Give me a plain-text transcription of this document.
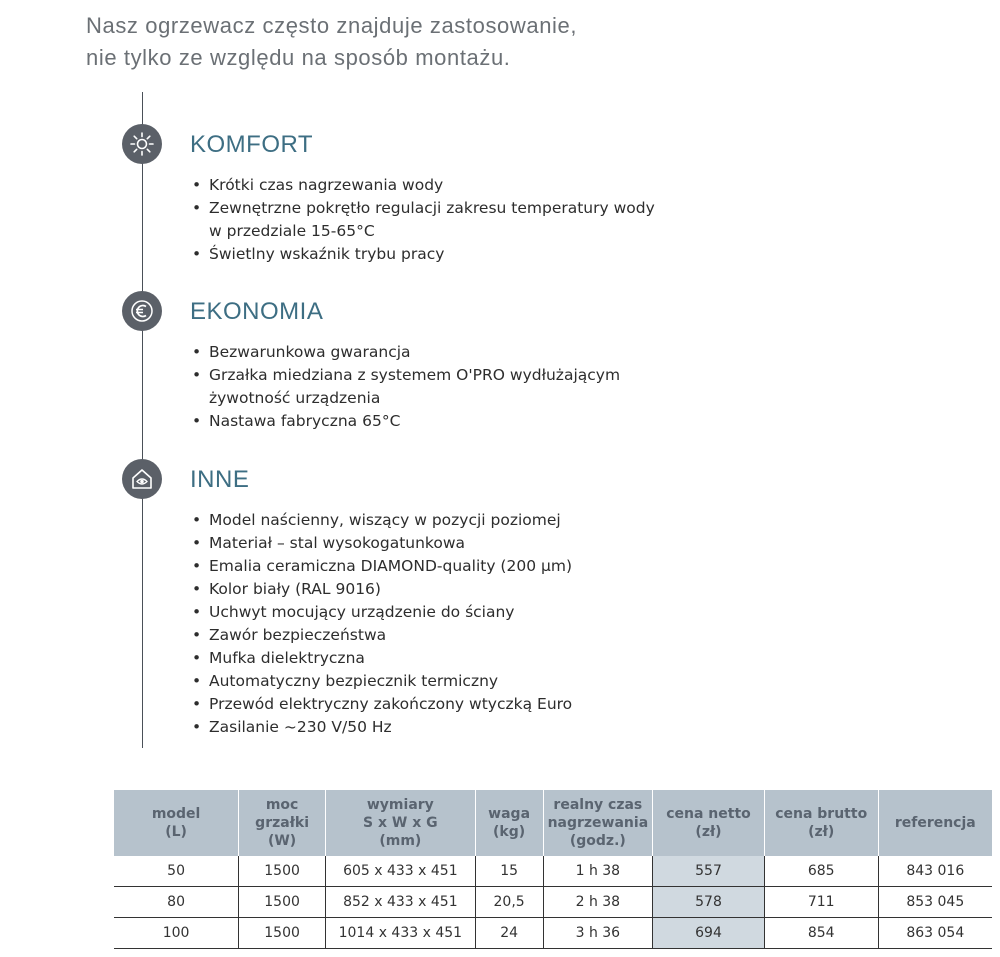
Nasz ogrzewacz często znajduje zastosowanie,
nie tylko ze względu na sposób montażu.
KOMFORT
• Krótki czas nagrzewania wody
• Zewnętrzne pokrętło regulacji zakresu temperatury wody
w przedziale 15-65°C
• Świetlny wskaźnik trybu pracy
EKONOMIA
• Bezwarunkowa gwarancja
• Grzałka miedziana z systemem O'PRO wydłużającym
żywotność urządzenia
• Nastawa fabryczna 65°C
INNE
• Model naścienny, wiszący w pozycji poziomej
• Materiał – stal wysokogatunkowa
• Emalia ceramiczna DIAMOND-quality (200 µm)
• Kolor biały (RAL 9016)
• Uchwyt mocujący urządzenie do ściany
• Zawór bezpieczeństwa
• Mufka dielektryczna
• Automatyczny bezpiecznik termiczny
• Przewód elektryczny zakończony wtyczką Euro
• Zasilanie ~230 V/50 Hz
model
(L)	moc
grzałki
(W)	wymiary
S x W x G
(mm)	waga
(kg)	realny czas
nagrzewania
(godz.)	cena netto
(zł)	cena brutto
(zł)	referencja
50	1500	605 x 433 x 451	15	1 h 38	557	685	843 016
80	1500	852 x 433 x 451	20,5	2 h 38	578	711	853 045
100	1500	1014 x 433 x 451	24	3 h 36	694	854	863 054
